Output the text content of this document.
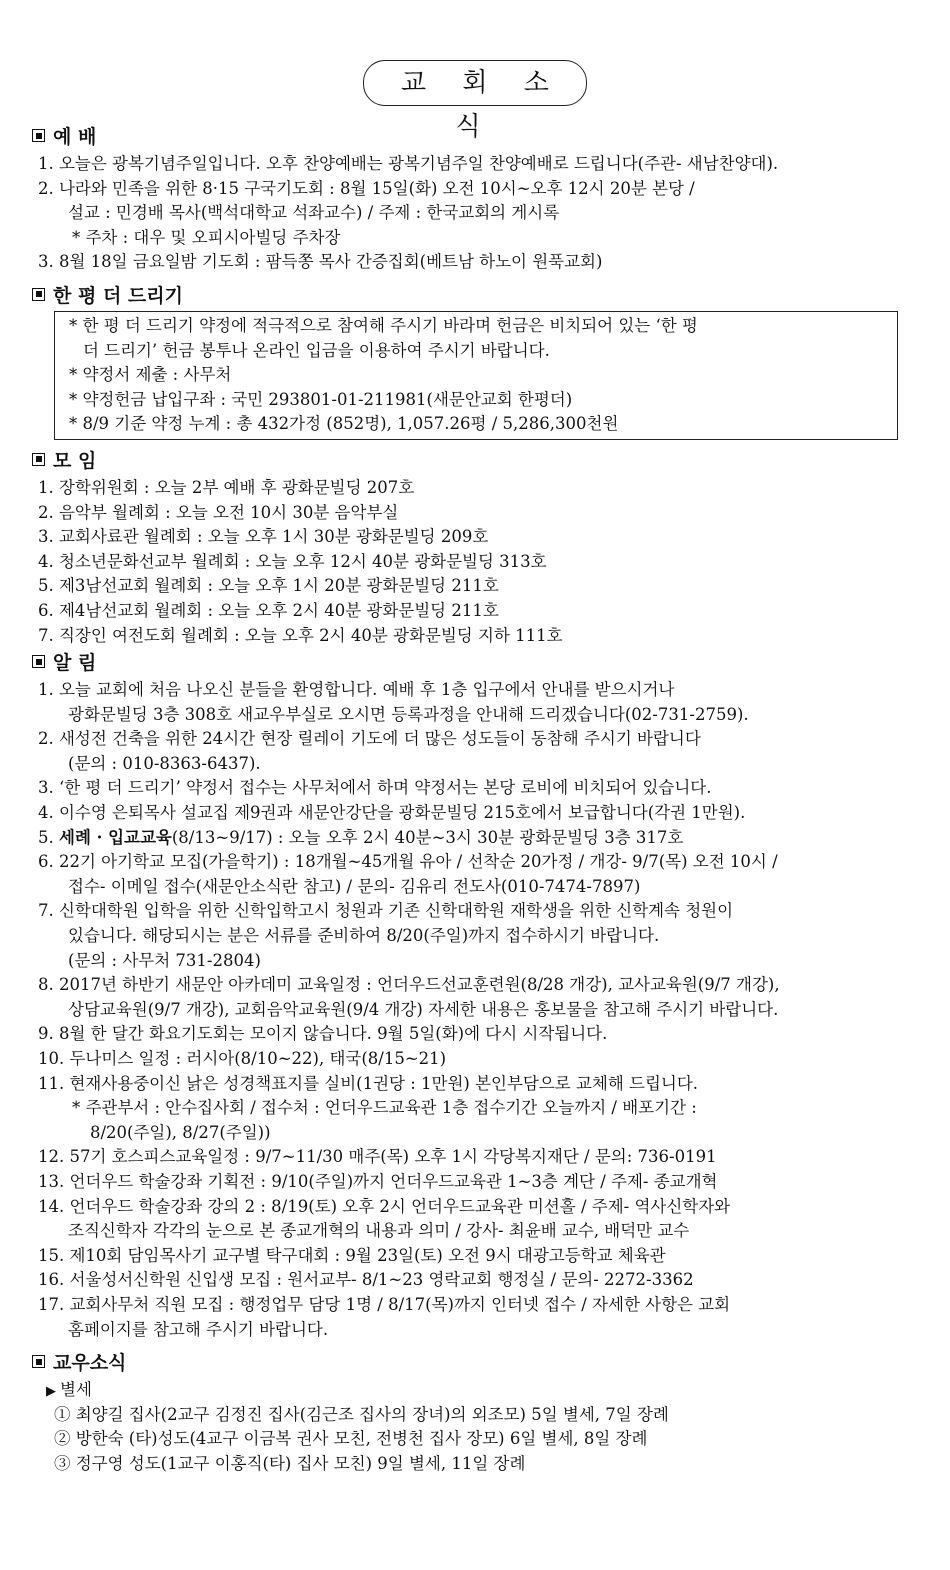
교 회 소 식
예 배
1. 오늘은 광복기념주일입니다. 오후 찬양예배는 광복기념주일 찬양예배로 드립니다(주관- 새남찬양대).
2. 나라와 민족을 위한 8·15 구국기도회 : 8월 15일(화) 오전 10시~오후 12시 20분 본당 /
설교 : 민경배 목사(백석대학교 석좌교수) / 주제 : 한국교회의 게시록
* 주차 : 대우 및 오피시아빌딩 주차장
3. 8월 18일 금요일밤 기도회 : 팜득쫑 목사 간증집회(베트남 하노이 원푹교회)
한 평 더 드리기
* 한 평 더 드리기 약정에 적극적으로 참여해 주시기 바라며 헌금은 비치되어 있는 ‘한 평
더 드리기’ 헌금 봉투나 온라인 입금을 이용하여 주시기 바랍니다.
* 약정서 제출 : 사무처
* 약정헌금 납입구좌 : 국민 293801-01-211981(새문안교회 한평더)
* 8/9 기준 약정 누계 : 총 432가정 (852명), 1,057.26평 / 5,286,300천원
모 임
1. 장학위원회 : 오늘 2부 예배 후 광화문빌딩 207호
2. 음악부 월례회 : 오늘 오전 10시 30분 음악부실
3. 교회사료관 월례회 : 오늘 오후 1시 30분 광화문빌딩 209호
4. 청소년문화선교부 월례회 : 오늘 오후 12시 40분 광화문빌딩 313호
5. 제3남선교회 월례회 : 오늘 오후 1시 20분 광화문빌딩 211호
6. 제4남선교회 월례회 : 오늘 오후 2시 40분 광화문빌딩 211호
7. 직장인 여전도회 월례회 : 오늘 오후 2시 40분 광화문빌딩 지하 111호
알 림
1. 오늘 교회에 처음 나오신 분들을 환영합니다. 예배 후 1층 입구에서 안내를 받으시거나
광화문빌딩 3층 308호 새교우부실로 오시면 등록과정을 안내해 드리겠습니다(02-731-2759).
2. 새성전 건축을 위한 24시간 현장 릴레이 기도에 더 많은 성도들이 동참해 주시기 바랍니다
(문의 : 010-8363-6437).
3. ‘한 평 더 드리기’ 약정서 접수는 사무처에서 하며 약정서는 본당 로비에 비치되어 있습니다.
4. 이수영 은퇴목사 설교집 제9권과 새문안강단을 광화문빌딩 215호에서 보급합니다(각권 1만원).
5. 세례 · 입교교육(8/13~9/17) : 오늘 오후 2시 40분~3시 30분 광화문빌딩 3층 317호
6. 22기 아기학교 모집(가을학기) : 18개월~45개월 유아 / 선착순 20가정 / 개강- 9/7(목) 오전 10시 /
접수- 이메일 접수(새문안소식란 참고) / 문의- 김유리 전도사(010-7474-7897)
7. 신학대학원 입학을 위한 신학입학고시 청원과 기존 신학대학원 재학생을 위한 신학계속 청원이
있습니다. 해당되시는 분은 서류를 준비하여 8/20(주일)까지 접수하시기 바랍니다.
(문의 : 사무처 731-2804)
8. 2017년 하반기 새문안 아카데미 교육일정 : 언더우드선교훈련원(8/28 개강), 교사교육원(9/7 개강),
상담교육원(9/7 개강), 교회음악교육원(9/4 개강) 자세한 내용은 홍보물을 참고해 주시기 바랍니다.
9. 8월 한 달간 화요기도회는 모이지 않습니다. 9월 5일(화)에 다시 시작됩니다.
10. 두나미스 일정 : 러시아(8/10~22), 태국(8/15~21)
11. 현재사용중이신 낡은 성경책표지를 실비(1권당 : 1만원) 본인부담으로 교체해 드립니다.
* 주관부서 : 안수집사회 / 접수처 : 언더우드교육관 1층 접수기간 오늘까지 / 배포기간 :
8/20(주일), 8/27(주일))
12. 57기 호스피스교육일정 : 9/7~11/30 매주(목) 오후 1시 각당복지재단 / 문의: 736-0191
13. 언더우드 학술강좌 기획전 : 9/10(주일)까지 언더우드교육관 1~3층 계단 / 주제- 종교개혁
14. 언더우드 학술강좌 강의 2 : 8/19(토) 오후 2시 언더우드교육관 미션홀 / 주제- 역사신학자와
조직신학자 각각의 눈으로 본 종교개혁의 내용과 의미 / 강사- 최윤배 교수, 배덕만 교수
15. 제10회 담임목사기 교구별 탁구대회 : 9월 23일(토) 오전 9시 대광고등학교 체육관
16. 서울성서신학원 신입생 모집 : 원서교부- 8/1~23 영락교회 행정실 / 문의- 2272-3362
17. 교회사무처 직원 모집 : 행정업무 담당 1명 / 8/17(목)까지 인터넷 접수 / 자세한 사항은 교회
홈페이지를 참고해 주시기 바랍니다.
교우소식
▶ 별세
① 최양길 집사(2교구 김정진 집사(김근조 집사의 장녀)의 외조모) 5일 별세, 7일 장례
② 방한숙 (타)성도(4교구 이금복 권사 모친, 전병천 집사 장모) 6일 별세, 8일 장례
③ 정구영 성도(1교구 이홍직(타) 집사 모친) 9일 별세, 11일 장례
